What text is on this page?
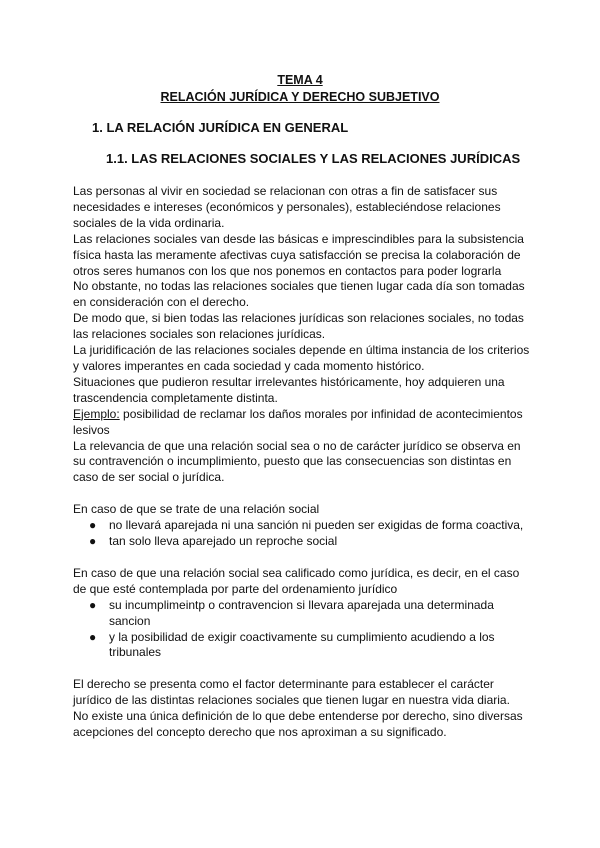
TEMA 4
RELACIÓN JURÍDICA Y DERECHO SUBJETIVO
1. LA RELACIÓN JURÍDICA EN GENERAL
1.1. LAS RELACIONES SOCIALES Y LAS RELACIONES JURÍDICAS

Las personas al vivir en sociedad se relacionan con otras a fin de satisfacer sus necesidades e intereses (económicos y personales), estableciéndose relaciones sociales de la vida ordinaria.

Las relaciones sociales van desde las básicas e imprescindibles para la subsistencia física hasta las meramente afectivas cuya satisfacción se precisa la colaboración de otros seres humanos con los que nos ponemos en contactos para poder lograrla

No obstante, no todas las relaciones sociales que tienen lugar cada día son tomadas en consideración con el derecho.

De modo que, si bien todas las relaciones jurídicas son relaciones sociales, no todas las relaciones sociales son relaciones jurídicas.

La juridificación de las relaciones sociales depende en última instancia de los criterios y valores imperantes en cada sociedad y cada momento histórico.

Situaciones que pudieron resultar irrelevantes históricamente, hoy adquieren una trascendencia completamente distinta.

Ejemplo: posibilidad de reclamar los daños morales por infinidad de acontecimientos lesivos

La relevancia de que una relación social sea o no de carácter jurídico se observa en su contravención o incumplimiento, puesto que las consecuencias son distintas en caso de ser social o jurídica.

En caso de que se trate de una relación social

● no llevará aparejada ni una sanción ni pueden ser exigidas de forma coactiva,
● tan solo lleva aparejado un reproche social

En caso de que una relación social sea calificado como jurídica, es decir, en el caso de que esté contemplada por parte del ordenamiento jurídico

● su incumplimeintp o contravencion si llevara aparejada una determinada sancion
● y la posibilidad de exigir coactivamente su cumplimiento acudiendo a los tribunales

El derecho se presenta como el factor determinante para establecer el carácter jurídico de las distintas relaciones sociales que tienen lugar en nuestra vida diaria.

No existe una única definición de lo que debe entenderse por derecho, sino diversas acepciones del concepto derecho que nos aproximan a su significado.
